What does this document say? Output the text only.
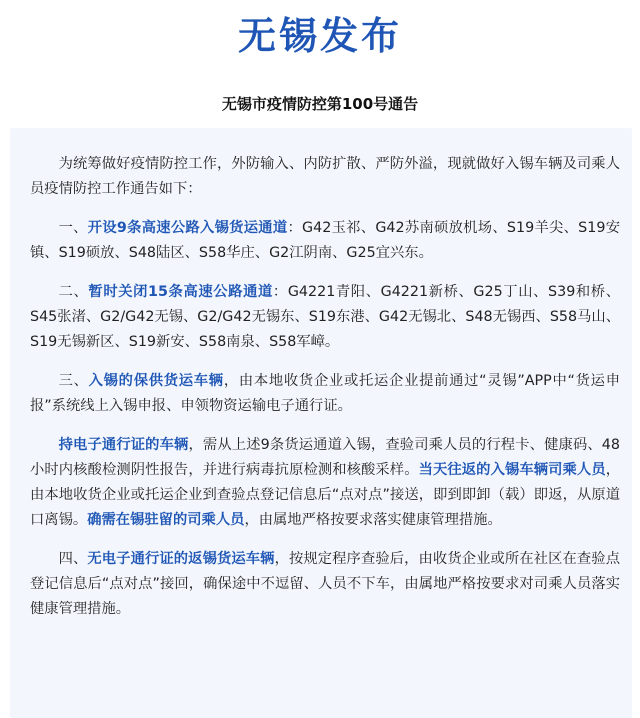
无锡发布
无锡市疫情防控第100号通告

为统筹做好疫情防控工作，外防输入、内防扩散、严防外溢，现就做好入锡车辆及司乘人员疫情防控工作通告如下：

一、开设9条高速公路入锡货运通道：G42玉祁、G42苏南硕放机场、S19羊尖、S19安镇、S19硕放、S48陆区、S58华庄、G2江阴南、G25宜兴东。

二、暂时关闭15条高速公路通道：G4221青阳、G4221新桥、G25丁山、S39和桥、S45张渚、G2/G42无锡、G2/G42无锡东、S19东港、G42无锡北、S48无锡西、S58马山、S19无锡新区、S19新安、S58南泉、S58军嶂。

三、入锡的保供货运车辆，由本地收货企业或托运企业提前通过“灵锡”APP中“货运申报”系统线上入锡申报、申领物资运输电子通行证。

持电子通行证的车辆，需从上述9条货运通道入锡，查验司乘人员的行程卡、健康码、48小时内核酸检测阴性报告，并进行病毒抗原检测和核酸采样。当天往返的入锡车辆司乘人员，由本地收货企业或托运企业到查验点登记信息后“点对点”接送，即到即卸（载）即返，从原道口离锡。确需在锡驻留的司乘人员，由属地严格按要求落实健康管理措施。

四、无电子通行证的返锡货运车辆，按规定程序查验后，由收货企业或所在社区在查验点登记信息后“点对点”接回，确保途中不逗留、人员不下车，由属地严格按要求对司乘人员落实健康管理措施。
